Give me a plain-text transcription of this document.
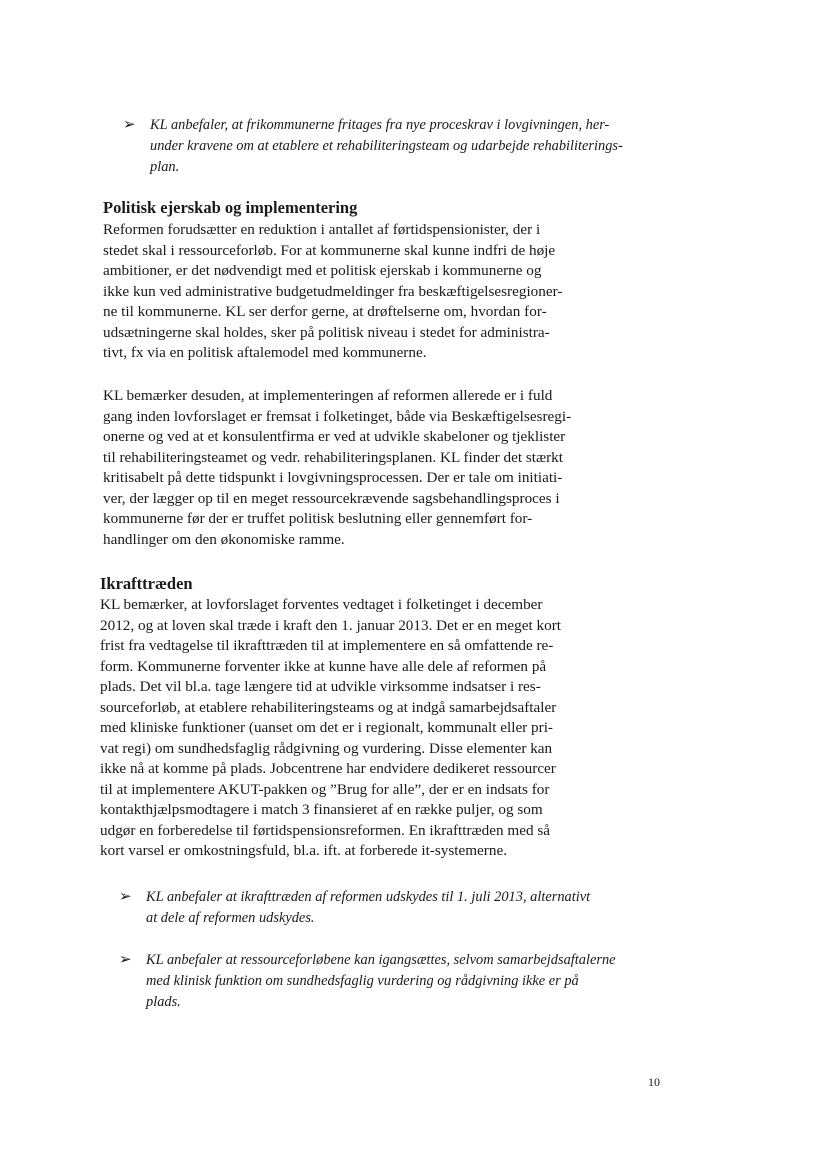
➢ KL anbefaler, at frikommunerne fritages fra nye proceskrav i lovgivningen, her-
under kravene om at etablere et rehabiliteringsteam og udarbejde rehabiliterings-
plan.
Politisk ejerskab og implementering
Reformen forudsætter en reduktion i antallet af førtidspensionister, der i
stedet skal i ressourceforløb. For at kommunerne skal kunne indfri de høje
ambitioner, er det nødvendigt med et politisk ejerskab i kommunerne og
ikke kun ved administrative budgetudmeldinger fra beskæftigelsesregioner-
ne til kommunerne. KL ser derfor gerne, at drøftelserne om, hvordan for-
udsætningerne skal holdes, sker på politisk niveau i stedet for administra-
tivt, fx via en politisk aftalemodel med kommunerne.
KL bemærker desuden, at implementeringen af reformen allerede er i fuld
gang inden lovforslaget er fremsat i folketinget, både via Beskæftigelsesregi-
onerne og ved at et konsulentfirma er ved at udvikle skabeloner og tjeklister
til rehabiliteringsteamet og vedr. rehabiliteringsplanen. KL finder det stærkt
kritisabelt på dette tidspunkt i lovgivningsprocessen. Der er tale om initiati-
ver, der lægger op til en meget ressourcekrævende sagsbehandlingsproces i
kommunerne før der er truffet politisk beslutning eller gennemført for-
handlinger om den økonomiske ramme.
Ikrafttræden
KL bemærker, at lovforslaget forventes vedtaget i folketinget i december
2012, og at loven skal træde i kraft den 1. januar 2013. Det er en meget kort
frist fra vedtagelse til ikrafttræden til at implementere en så omfattende re-
form. Kommunerne forventer ikke at kunne have alle dele af reformen på
plads. Det vil bl.a. tage længere tid at udvikle virksomme indsatser i res-
sourceforløb, at etablere rehabiliteringsteams og at indgå samarbejdsaftaler
med kliniske funktioner (uanset om det er i regionalt, kommunalt eller pri-
vat regi) om sundhedsfaglig rådgivning og vurdering. Disse elementer kan
ikke nå at komme på plads. Jobcentrene har endvidere dedikeret ressourcer
til at implementere AKUT-pakken og ”Brug for alle”, der er en indsats for
kontakthjælpsmodtagere i match 3 finansieret af en række puljer, og som
udgør en forberedelse til førtidspensionsreformen. En ikrafttræden med så
kort varsel er omkostningsfuld, bl.a. ift. at forberede it-systemerne.
➢ KL anbefaler at ikrafttræden af reformen udskydes til 1. juli 2013, alternativt
at dele af reformen udskydes.
➢ KL anbefaler at ressourceforløbene kan igangsættes, selvom samarbejdsaftalerne
med klinisk funktion om sundhedsfaglig vurdering og rådgivning ikke er på
plads.
10
